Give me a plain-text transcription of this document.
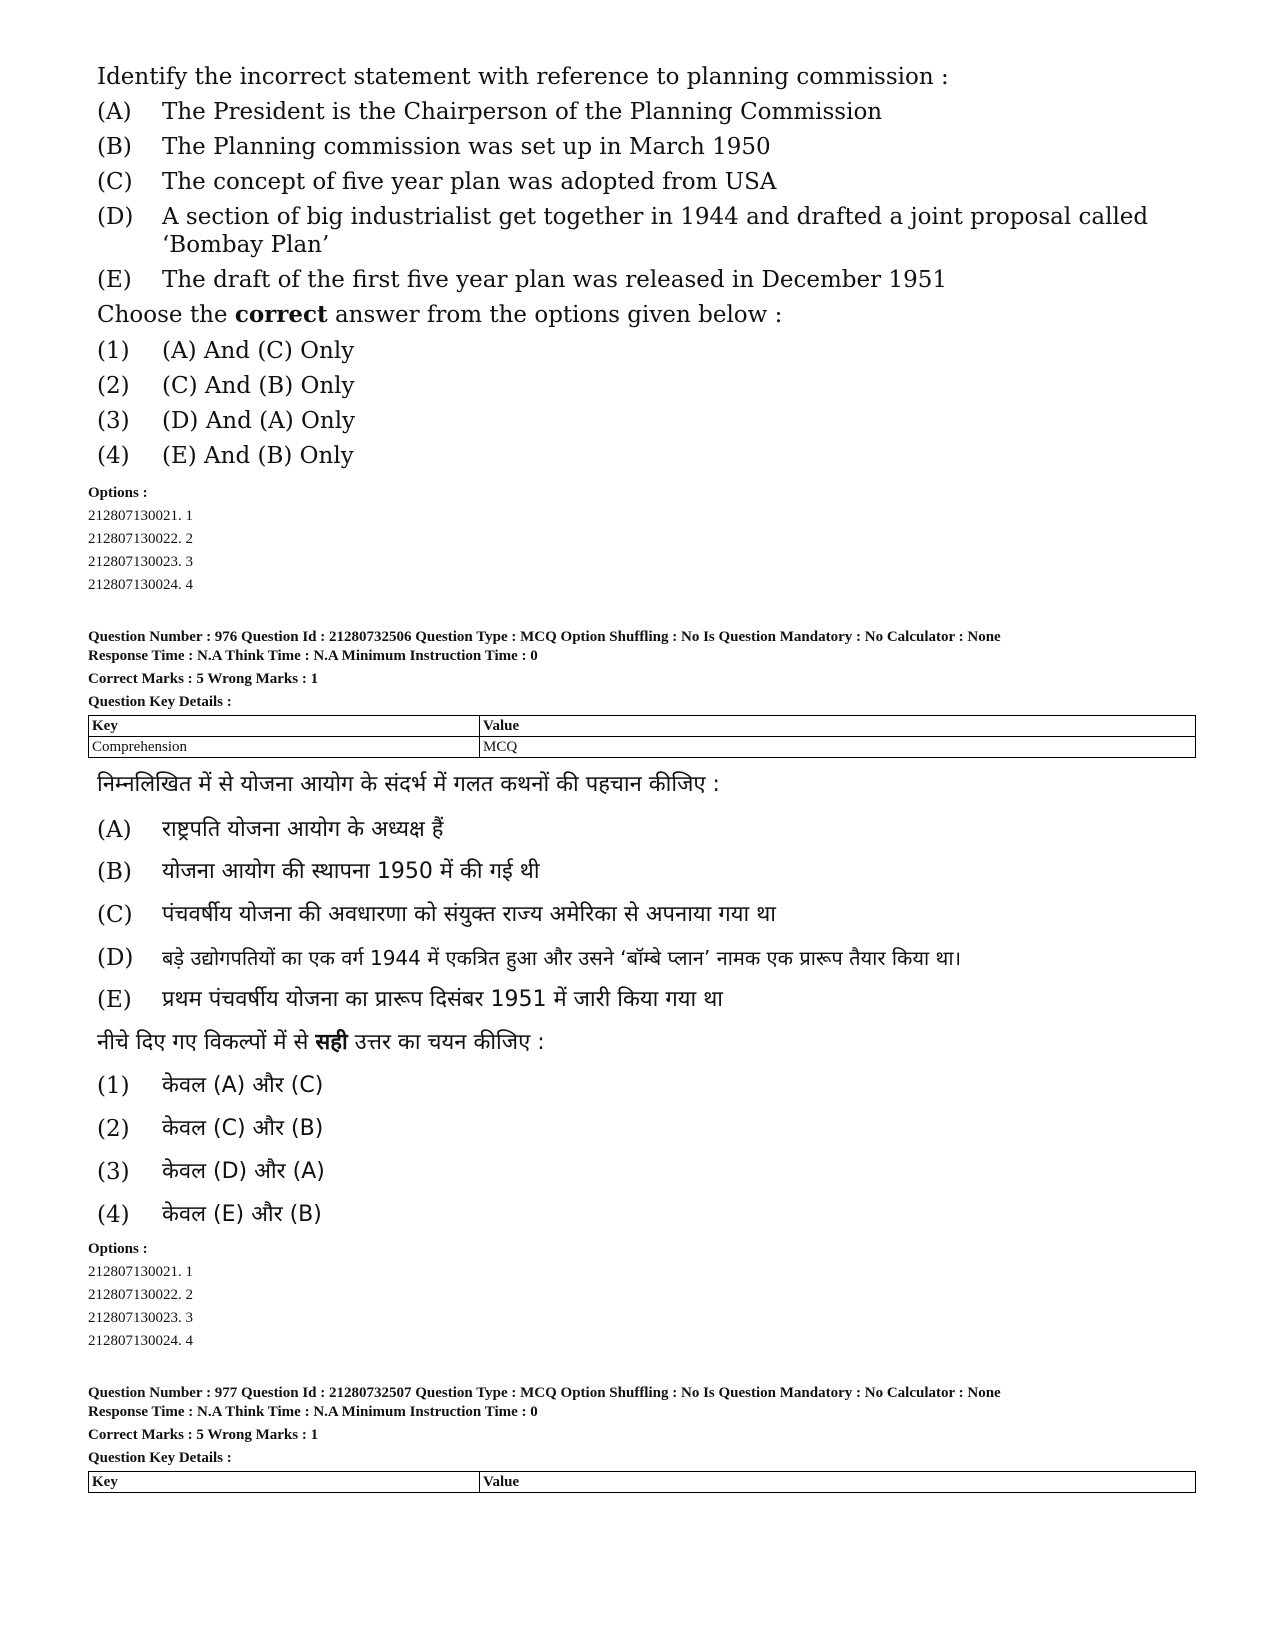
Identify the incorrect statement with reference to planning commission :
(A) The President is the Chairperson of the Planning Commission
(B) The Planning commission was set up in March 1950
(C) The concept of five year plan was adopted from USA
(D) A section of big industrialist get together in 1944 and drafted a joint proposal called ‘Bombay Plan’
(E) The draft of the first five year plan was released in December 1951
Choose the correct answer from the options given below :
(1) (A) And (C) Only
(2) (C) And (B) Only
(3) (D) And (A) Only
(4) (E) And (B) Only
Options :
212807130021. 1
212807130022. 2
212807130023. 3
212807130024. 4
Question Number : 976 Question Id : 21280732506 Question Type : MCQ Option Shuffling : No Is Question Mandatory : No Calculator : None
Response Time : N.A Think Time : N.A Minimum Instruction Time : 0
Correct Marks : 5 Wrong Marks : 1
Question Key Details :
Key	Value
Comprehension	MCQ
निम्नलिखित में से योजना आयोग के संदर्भ में गलत कथनों की पहचान कीजिए :
(A) राष्ट्रपति योजना आयोग के अध्यक्ष हैं
(B) योजना आयोग की स्थापना 1950 में की गई थी
(C) पंचवर्षीय योजना की अवधारणा को संयुक्त राज्य अमेरिका से अपनाया गया था
(D) बड़े उद्योगपतियों का एक वर्ग 1944 में एकत्रित हुआ और उसने ‘बॉम्बे प्लान’ नामक एक प्रारूप तैयार किया था।
(E) प्रथम पंचवर्षीय योजना का प्रारूप दिसंबर 1951 में जारी किया गया था
नीचे दिए गए विकल्पों में से सही उत्तर का चयन कीजिए :
(1) केवल (A) और (C)
(2) केवल (C) और (B)
(3) केवल (D) और (A)
(4) केवल (E) और (B)
Options :
212807130021. 1
212807130022. 2
212807130023. 3
212807130024. 4
Question Number : 977 Question Id : 21280732507 Question Type : MCQ Option Shuffling : No Is Question Mandatory : No Calculator : None
Response Time : N.A Think Time : N.A Minimum Instruction Time : 0
Correct Marks : 5 Wrong Marks : 1
Question Key Details :
Key	Value
